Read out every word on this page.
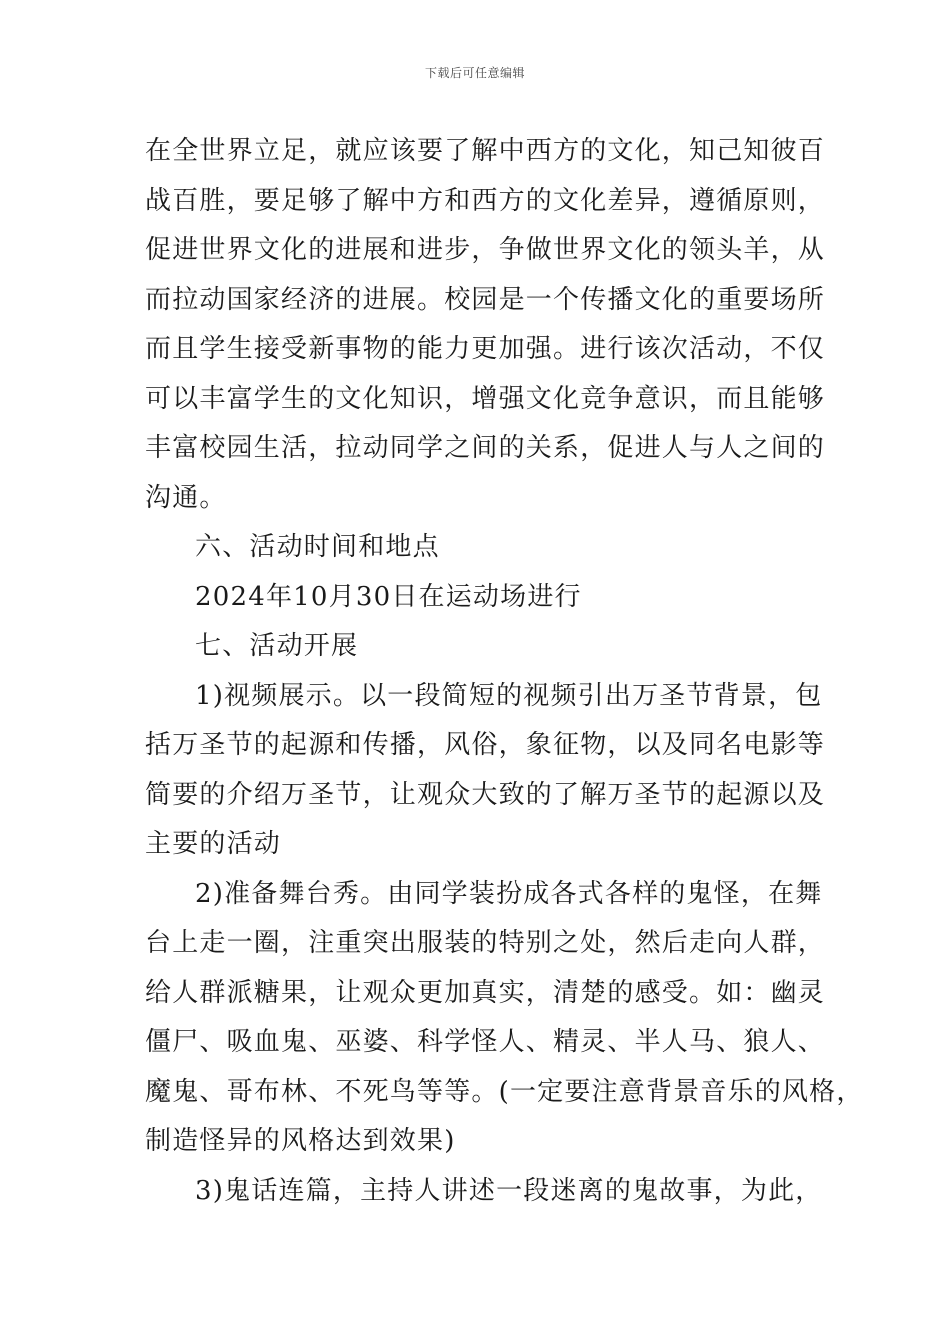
下载后可任意编辑
在全世界立足，就应该要了解中西方的文化，知己知彼百
战百胜，要足够了解中方和西方的文化差异，遵循原则，
促进世界文化的进展和进步，争做世界文化的领头羊，从
而拉动国家经济的进展。校园是一个传播文化的重要场所
而且学生接受新事物的能力更加强。进行该次活动，不仅
可以丰富学生的文化知识，增强文化竞争意识，而且能够
丰富校园生活，拉动同学之间的关系，促进人与人之间的
沟通。
六、活动时间和地点
2024年10月30日在运动场进行
七、活动开展
1)视频展示。以一段简短的视频引出万圣节背景，包
括万圣节的起源和传播，风俗，象征物，以及同名电影等
简要的介绍万圣节，让观众大致的了解万圣节的起源以及
主要的活动
2)准备舞台秀。由同学装扮成各式各样的鬼怪，在舞
台上走一圈，注重突出服装的特别之处，然后走向人群，
给人群派糖果，让观众更加真实，清楚的感受。如：幽灵
僵尸、吸血鬼、巫婆、科学怪人、精灵、半人马、狼人、
魔鬼、哥布林、不死鸟等等。(一定要注意背景音乐的风格，
制造怪异的风格达到效果)
3)鬼话连篇，主持人讲述一段迷离的鬼故事，为此，
